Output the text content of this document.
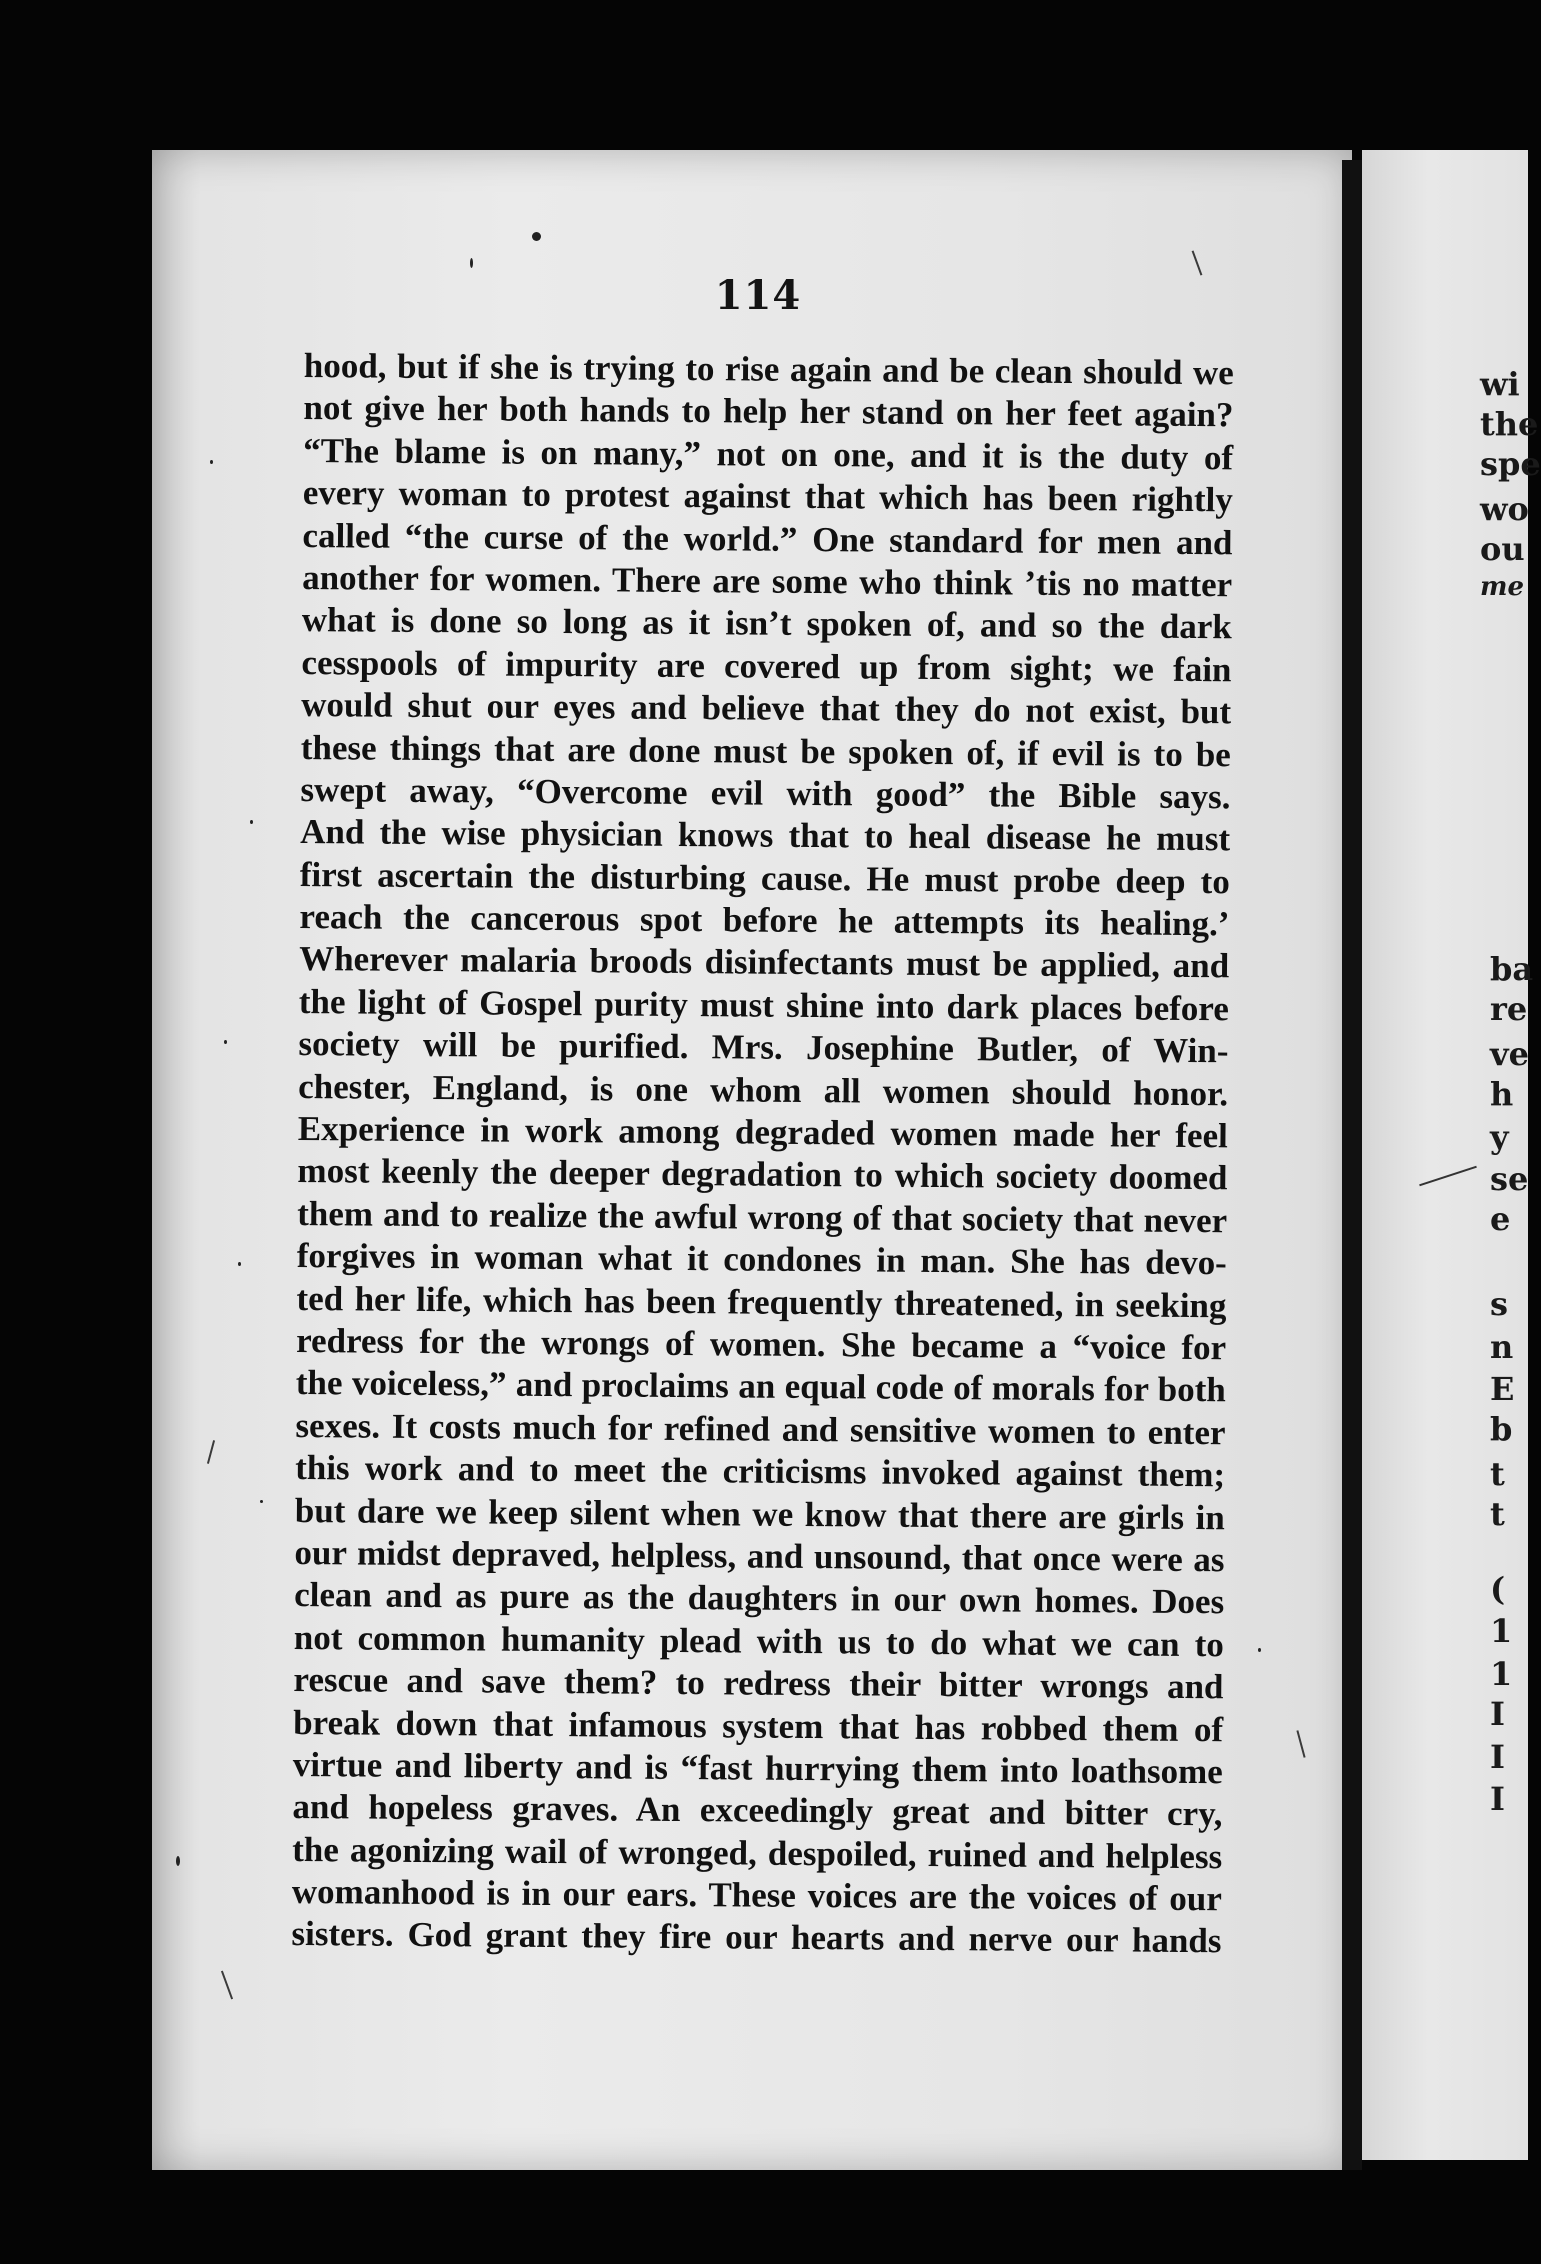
114
hood, but if she is trying to rise again and be clean should we
not give her both hands to help her stand on her feet again?
“The blame is on many,” not on one, and it is the duty of
every woman to protest against that which has been rightly
called “the curse of the world.” One standard for men and
another for women. There are some who think ’tis no matter
what is done so long as it isn’t spoken of, and so the dark
cesspools of impurity are covered up from sight; we fain
would shut our eyes and believe that they do not exist, but
these things that are done must be spoken of, if evil is to be
swept away, “Overcome evil with good” the Bible says.
And the wise physician knows that to heal disease he must
first ascertain the disturbing cause. He must probe deep to
reach the cancerous spot before he attempts its healing.’
Wherever malaria broods disinfectants must be applied, and
the light of Gospel purity must shine into dark places before
society will be purified. Mrs. Josephine Butler, of Win-
chester, England, is one whom all women should honor.
Experience in work among degraded women made her feel
most keenly the deeper degradation to which society doomed
them and to realize the awful wrong of that society that never
forgives in woman what it condones in man. She has devo-
ted her life, which has been frequently threatened, in seeking
redress for the wrongs of women. She became a “voice for
the voiceless,” and proclaims an equal code of morals for both
sexes. It costs much for refined and sensitive women to enter
this work and to meet the criticisms invoked against them;
but dare we keep silent when we know that there are girls in
our midst depraved, helpless, and unsound, that once were as
clean and as pure as the daughters in our own homes. Does
not common humanity plead with us to do what we can to
rescue and save them? to redress their bitter wrongs and
break down that infamous system that has robbed them of
virtue and liberty and is “fast hurrying them into loathsome
and hopeless graves. An exceedingly great and bitter cry,
the agonizing wail of wronged, despoiled, ruined and helpless
womanhood is in our ears. These voices are the voices of our
sisters. God grant they fire our hearts and nerve our hands
wi
the
spe
wo
ou
me
ba
re
ve
h
y
se
e
s
n
E
b
t
t
(
1
1
I
I
I
